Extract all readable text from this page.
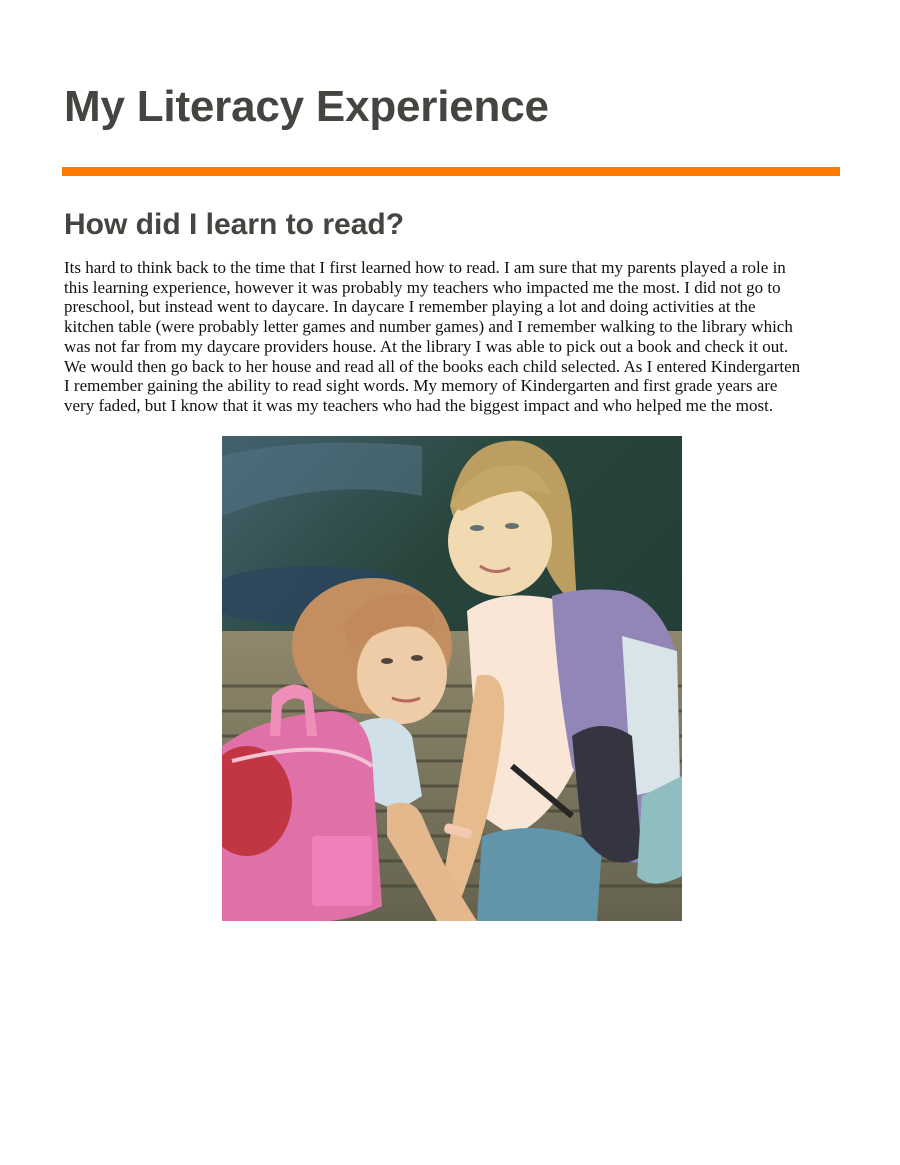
My Literacy Experience
How did I learn to read?

Its hard to think back to the time that I first learned how to read. I am sure that my parents played a role in
this learning experience, however it was probably my teachers who impacted me the most. I did not go to
preschool, but instead went to daycare. In daycare I remember playing a lot and doing activities at the
kitchen table (were probably letter games and number games) and I remember walking to the library which
was not far from my daycare providers house. At the library I was able to pick out a book and check it out.
We would then go back to her house and read all of the books each child selected. As I entered Kindergarten
I remember gaining the ability to read sight words. My memory of Kindergarten and first grade years are
very faded, but I know that it was my teachers who had the biggest impact and who helped me the most.
